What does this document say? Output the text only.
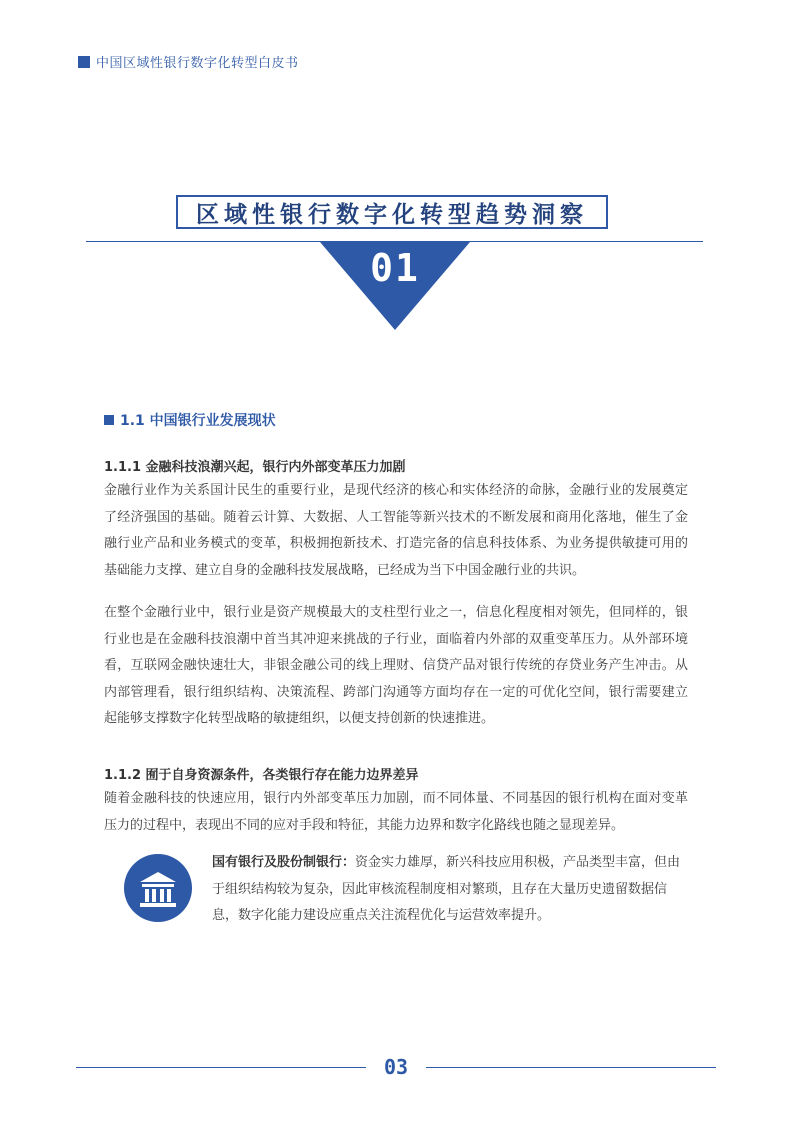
中国区域性银行数字化转型白皮书
区域性银行数字化转型趋势洞察
01
1.1 中国银行业发展现状
1.1.1 金融科技浪潮兴起，银行内外部变革压力加剧

金融行业作为关系国计民生的重要行业，是现代经济的核心和实体经济的命脉，金融行业的发展奠定了经济强国的基础。随着云计算、大数据、人工智能等新兴技术的不断发展和商用化落地，催生了金融行业产品和业务模式的变革，积极拥抱新技术、打造完备的信息科技体系、为业务提供敏捷可用的基础能力支撑、建立自身的金融科技发展战略，已经成为当下中国金融行业的共识。

在整个金融行业中，银行业是资产规模最大的支柱型行业之一，信息化程度相对领先，但同样的，银行业也是在金融科技浪潮中首当其冲迎来挑战的子行业，面临着内外部的双重变革压力。从外部环境看，互联网金融快速壮大，非银金融公司的线上理财、信贷产品对银行传统的存贷业务产生冲击。从内部管理看，银行组织结构、决策流程、跨部门沟通等方面均存在一定的可优化空间，银行需要建立起能够支撑数字化转型战略的敏捷组织，以便支持创新的快速推进。

1.1.2 囿于自身资源条件，各类银行存在能力边界差异

随着金融科技的快速应用，银行内外部变革压力加剧，而不同体量、不同基因的银行机构在面对变革压力的过程中，表现出不同的应对手段和特征，其能力边界和数字化路线也随之显现差异。

国有银行及股份制银行：资金实力雄厚，新兴科技应用积极，产品类型丰富，但由于组织结构较为复杂，因此审核流程制度相对繁琐，且存在大量历史遗留数据信息，数字化能力建设应重点关注流程优化与运营效率提升。

03
